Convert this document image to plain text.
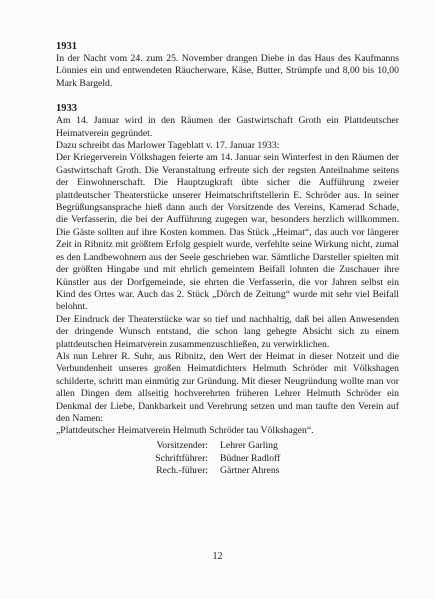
1931

In der Nacht vom 24. zum 25. November drangen Diebe in das Haus des Kaufmanns Lönnies ein und entwendeten Räucherware, Käse, Butter, Strümpfe und 8,00 bis 10,00 Mark Bargeld.

1933

Am 14. Januar wird in den Räumen der Gastwirtschaft Groth ein Plattdeutscher Heimatverein gegründet.

Dazu schreibt das Marlower Tageblatt v. 17. Januar 1933:

Der Kriegerverein Völkshagen feierte am 14. Januar sein Winterfest in den Räumen der Gastwirtschaft Groth. Die Veranstaltung erfreute sich der regsten Anteilnahme seitens der Einwohnerschaft. Die Hauptzugkraft übte sicher die Aufführung zweier plattdeutscher Theaterstücke unserer Heimatschriftstellerin E. Schröder aus. In seiner Begrüßungsansprache hieß dann auch der Vorsitzende des Vereins, Kamerad Schade, die Verfasserin, die bei der Aufführung zugegen war, besonders herzlich willkommen. Die Gäste sollten auf ihre Kosten kommen. Das Stück „Heimat“, das auch vor längerer Zeit in Ribnitz mit größtem Erfolg gespielt wurde, verfehlte seine Wirkung nicht, zumal es den Landbewohnern aus der Seele geschrieben war. Sämtliche Darsteller spielten mit der größten Hingabe und mit ehrlich gemeintem Beifall lohnten die Zuschauer ihre Künstler aus der Dorfgemeinde, sie ehrten die Verfasserin, die vor Jahren selbst ein Kind des Ortes war. Auch das 2. Stück „Dörch de Zeitung“ wurde mit sehr viel Beifall belohnt.

Der Eindruck der Theaterstücke war so tief und nachhaltig, daß bei allen Anwesenden der dringende Wunsch entstand, die schon lang gehegte Absicht sich zu einem plattdeutschen Heimatverein zusammenzuschließen, zu verwirklichen.

Als nun Lehrer R. Suhr, aus Ribnitz, den Wert der Heimat in dieser Notzeit und die Verbundenheit unseres großen Heimatdichters Helmuth Schröder mit Völkshagen schilderte, schritt man einmütig zur Gründung. Mit dieser Neugründung wollte man vor allen Dingen dem allseitig hochverehrten früheren Lehrer Helmuth Schröder ein Denkmal der Liebe, Dankbarkeit und Verehrung setzen und man taufte den Verein auf den Namen:

„Plattdeutscher Heimatverein Helmuth Schröder tau Völkshagen“.

Vorsitzender:	Lehrer Garling
Schriftführer:	Büdner Radloff
Rech.-führer:	Gärtner Ahrens
12
